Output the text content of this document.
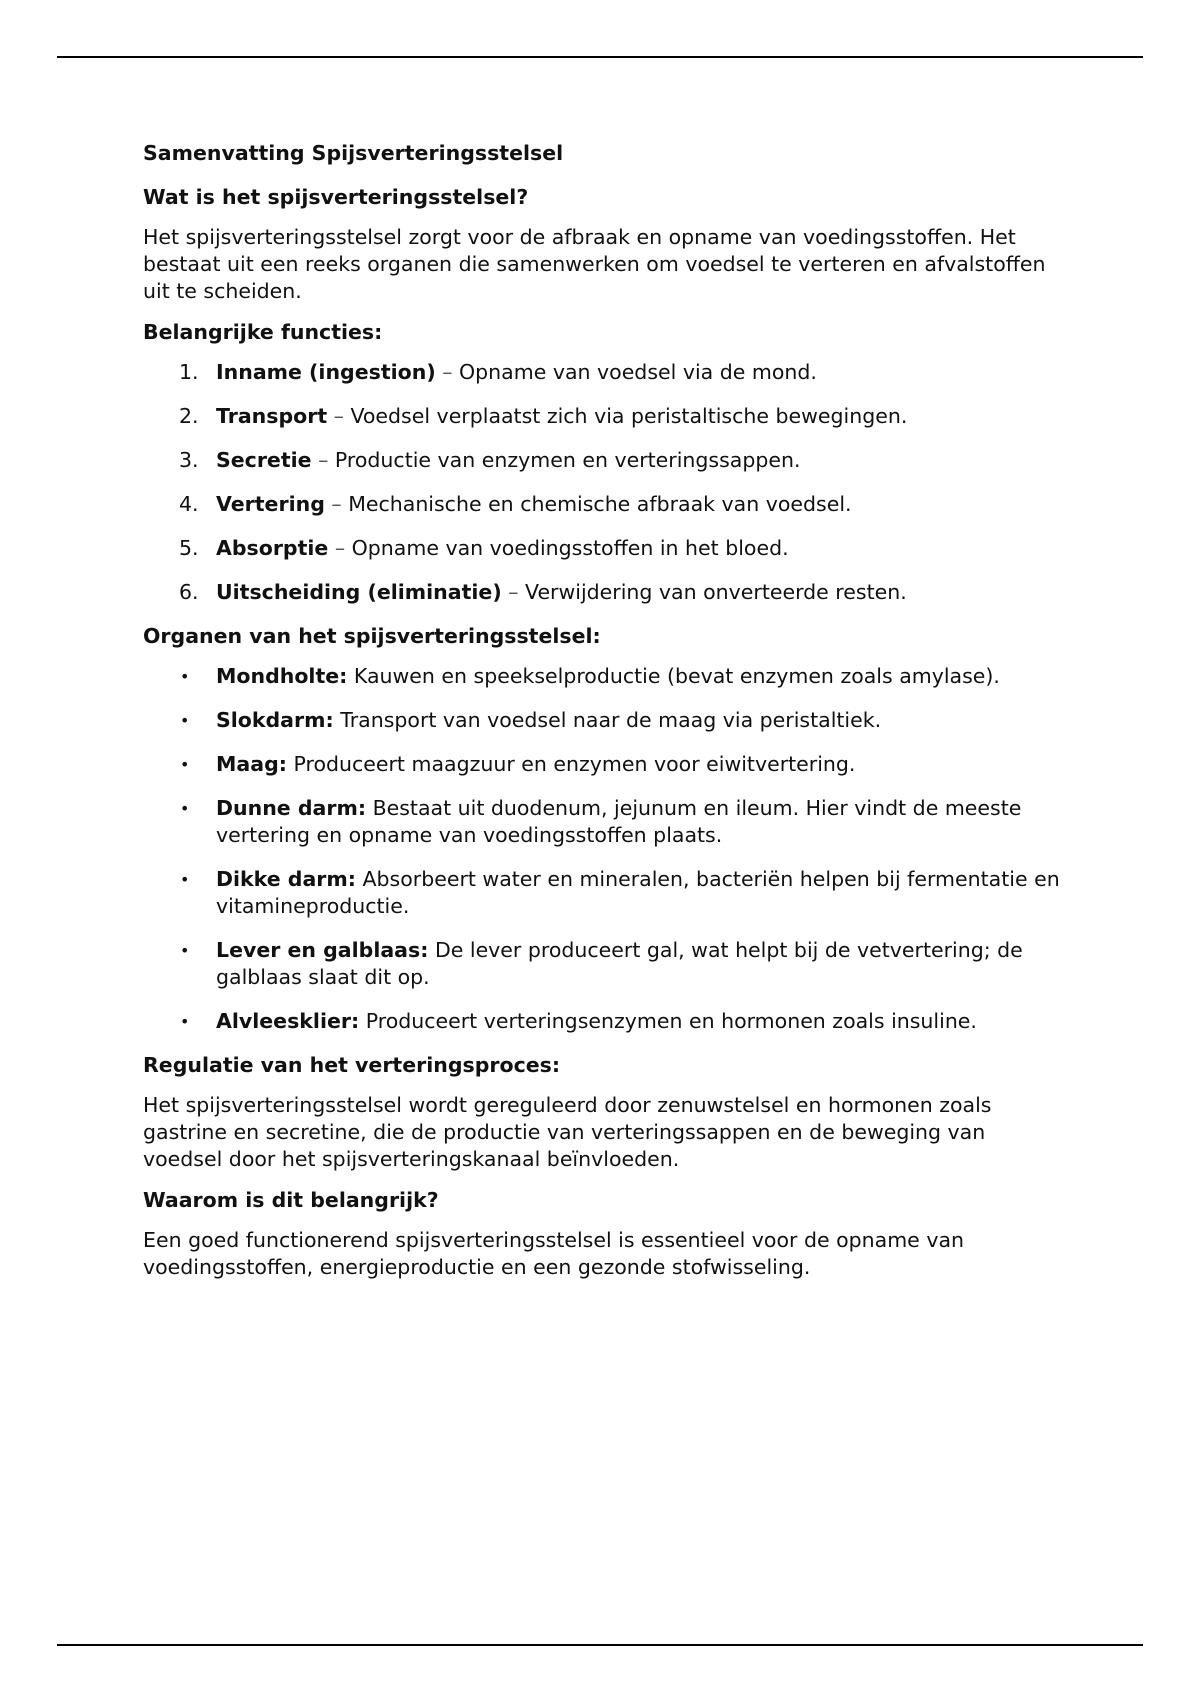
Samenvatting Spijsverteringsstelsel
Wat is het spijsverteringsstelsel?

Het spijsverteringsstelsel zorgt voor de afbraak en opname van voedingsstoffen. Het bestaat uit een reeks organen die samenwerken om voedsel te verteren en afvalstoffen uit te scheiden.

Belangrijke functies:
1. Inname (ingestion) – Opname van voedsel via de mond.
2. Transport – Voedsel verplaatst zich via peristaltische bewegingen.
3. Secretie – Productie van enzymen en verteringssappen.
4. Vertering – Mechanische en chemische afbraak van voedsel.
5. Absorptie – Opname van voedingsstoffen in het bloed.
6. Uitscheiding (eliminatie) – Verwijdering van onverteerde resten.
Organen van het spijsverteringsstelsel:
• Mondholte: Kauwen en speekselproductie (bevat enzymen zoals amylase).
• Slokdarm: Transport van voedsel naar de maag via peristaltiek.
• Maag: Produceert maagzuur en enzymen voor eiwitvertering.
• Dunne darm: Bestaat uit duodenum, jejunum en ileum. Hier vindt de meeste vertering en opname van voedingsstoffen plaats.
• Dikke darm: Absorbeert water en mineralen, bacteriën helpen bij fermentatie en vitamineproductie.
• Lever en galblaas: De lever produceert gal, wat helpt bij de vetvertering; de galblaas slaat dit op.
• Alvleesklier: Produceert verteringsenzymen en hormonen zoals insuline.
Regulatie van het verteringsproces:

Het spijsverteringsstelsel wordt gereguleerd door zenuwstelsel en hormonen zoals gastrine en secretine, die de productie van verteringssappen en de beweging van voedsel door het spijsverteringskanaal beïnvloeden.

Waarom is dit belangrijk?

Een goed functionerend spijsverteringsstelsel is essentieel voor de opname van voedingsstoffen, energieproductie en een gezonde stofwisseling.
